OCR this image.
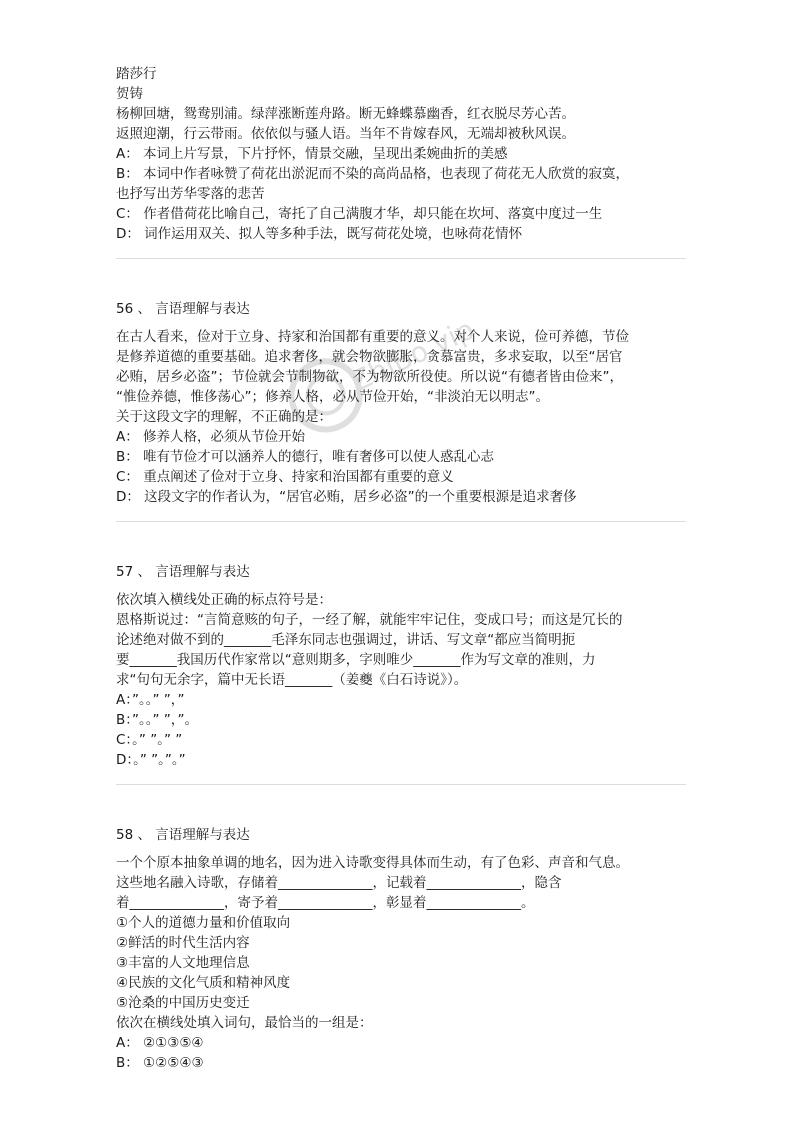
ZhiBo.vip
踏莎行
贺铸
杨柳回塘，鸳鸯别浦。绿萍涨断莲舟路。断无蜂蝶慕幽香，红衣脱尽芳心苦。
返照迎潮，行云带雨。依依似与骚人语。当年不肯嫁春风，无端却被秋风误。
A： 本词上片写景，下片抒怀，情景交融，呈现出柔婉曲折的美感
B： 本词中作者咏赞了荷花出淤泥而不染的高尚品格，也表现了荷花无人欣赏的寂寞，
也抒写出芳华零落的悲苦
C： 作者借荷花比喻自己，寄托了自己满腹才华，却只能在坎坷、落寞中度过一生
D： 词作运用双关、拟人等多种手法，既写荷花处境，也咏荷花情怀
56 、 言语理解与表达
在古人看来，俭对于立身、持家和治国都有重要的意义。对个人来说，俭可养德，节俭
是修养道德的重要基础。追求奢侈，就会物欲膨胀，贪慕富贵，多求妄取，以至“居官
必贿，居乡必盗”；节俭就会节制物欲，不为物欲所役使。所以说“有德者皆由俭来”，
“惟俭养德，惟侈荡心”；修养人格，必从节俭开始，“非淡泊无以明志”。
关于这段文字的理解，不正确的是：
A： 修养人格，必须从节俭开始
B： 唯有节俭才可以涵养人的德行，唯有奢侈可以使人惑乱心志
C： 重点阐述了俭对于立身、持家和治国都有重要的意义
D： 这段文字的作者认为，“居官必贿，居乡必盗”的一个重要根源是追求奢侈
57 、 言语理解与表达
依次填入横线处正确的标点符号是：
恩格斯说过：“言简意赅的句子，一经了解，就能牢牢记住，变成口号；而这是冗长的
论述绝对做不到的_______毛泽东同志也强调过，讲话、写文章“都应当简明扼
要_______我国历代作家常以“意则期多，字则唯少_______作为写文章的准则，力
求“句句无余字，篇中无长语_______（姜夔《白石诗说》）。
A：”。。” ”，”
B：”。。” ”，”。
C：。” ”。” ”
D：。” ”。”。”
58 、 言语理解与表达
一个个原本抽象单调的地名，因为进入诗歌变得具体而生动，有了色彩、声音和气息。
这些地名融入诗歌，存储着______________，记载着______________，隐含
着______________，寄予着______________，彰显着______________。
①个人的道德力量和价值取向
②鲜活的时代生活内容
③丰富的人文地理信息
④民族的文化气质和精神风度
⑤沧桑的中国历史变迁
依次在横线处填入词句，最恰当的一组是：
A： ②①③⑤④
B： ①②⑤④③
